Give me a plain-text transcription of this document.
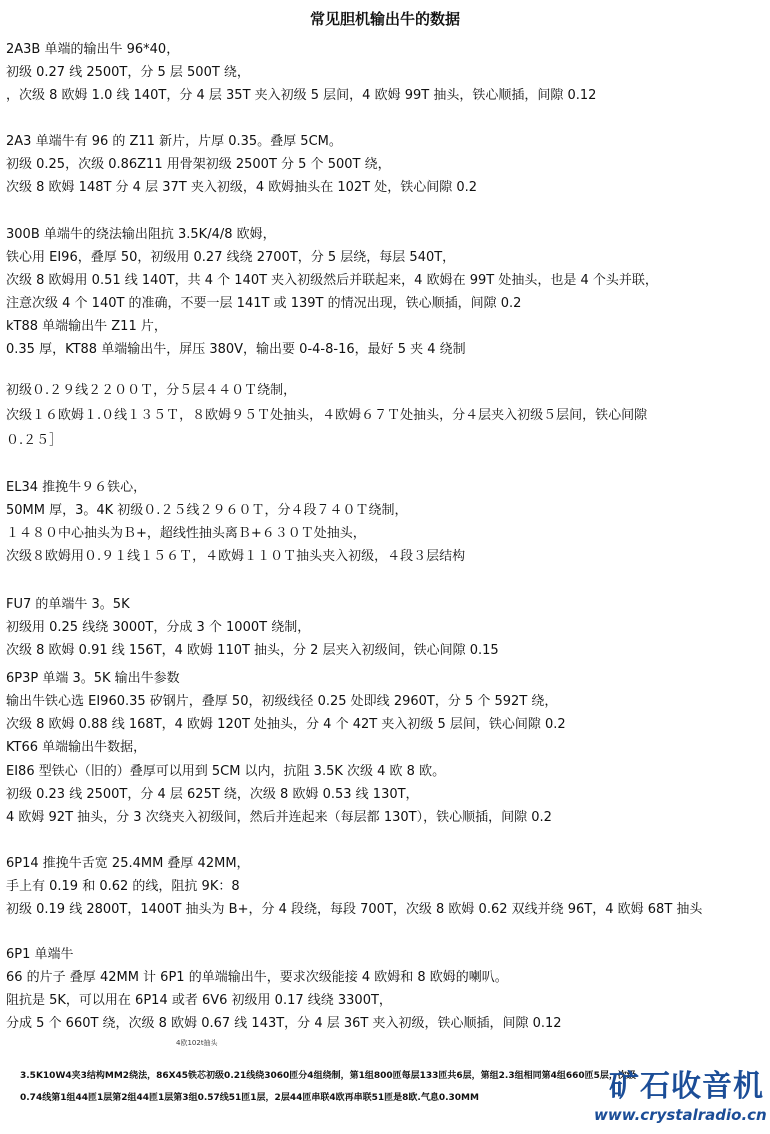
常见胆机输出牛的数据
2A3B 单端的输出牛 96*40，
初级 0.27 线 2500T，分 5 层 500T 绕，
，次级 8 欧姆 1.0 线 140T，分 4 层 35T 夹入初级 5 层间，4 欧姆 99T 抽头，铁心顺插，间隙 0.12
2A3 单端牛有 96 的 Z11 新片，片厚 0.35。叠厚 5CM。
初级 0.25，次级 0.86Z11 用骨架初级 2500T 分 5 个 500T 绕，
次级 8 欧姆 148T 分 4 层 37T 夹入初级，4 欧姆抽头在 102T 处，铁心间隙 0.2
300B 单端牛的绕法输出阻抗 3.5K/4/8 欧姆，
铁心用 EI96，叠厚 50，初级用 0.27 线绕 2700T，分 5 层绕，每层 540T，
次级 8 欧姆用 0.51 线 140T，共 4 个 140T 夹入初级然后并联起来，4 欧姆在 99T 处抽头，也是 4 个头并联，
注意次级 4 个 140T 的准确，不要一层 141T 或 139T 的情况出现，铁心顺插，间隙 0.2
kT88 单端输出牛 Z11 片，
0.35 厚，KT88 单端输出牛，屏压 380V，输出要 0-4-8-16，最好 5 夹 4 绕制
初级０.２９线２２００Ｔ，分５层４４０Ｔ绕制，
次级１６欧姆１.０线１３５Ｔ，８欧姆９５Ｔ处抽头，４欧姆６７Ｔ处抽头，分４层夹入初级５层间，铁心间隙
０.２５］
EL34 推挽牛９６铁心，
50MM 厚，3。4K 初级０.２５线２９６０Ｔ，分４段７４０Ｔ绕制，
１４８０中心抽头为Ｂ+，超线性抽头离Ｂ+６３０Ｔ处抽头，
次级８欧姆用０.９１线１５６Ｔ，４欧姆１１０Ｔ抽头夹入初级，４段３层结构
FU7 的单端牛 3。5K
初级用 0.25 线绕 3000T，分成 3 个 1000T 绕制，
次级 8 欧姆 0.91 线 156T，4 欧姆 110T 抽头，分 2 层夹入初级间，铁心间隙 0.15
6P3P 单端 3。5K 输出牛参数
输出牛铁心选 EI960.35 矽钢片，叠厚 50，初级线径 0.25 处即线 2960T，分 5 个 592T 绕，
次级 8 欧姆 0.88 线 168T，4 欧姆 120T 处抽头，分 4 个 42T 夹入初级 5 层间，铁心间隙 0.2
KT66 单端输出牛数据，
EI86 型铁心（旧的）叠厚可以用到 5CM 以内，抗阻 3.5K 次级 4 欧 8 欧。
初级 0.23 线 2500T，分 4 层 625T 绕，次级 8 欧姆 0.53 线 130T，
4 欧姆 92T 抽头，分 3 次绕夹入初级间，然后并连起来（每层都 130T），铁心顺插，间隙 0.2
6P14 推挽牛舌宽 25.4MM 叠厚 42MM，
手上有 0.19 和 0.62 的线，阻抗 9K：8
初级 0.19 线 2800T，1400T 抽头为 B+，分 4 段绕，每段 700T，次级 8 欧姆 0.62 双线并绕 96T，4 欧姆 68T 抽头
6P1 单端牛
66 的片子 叠厚 42MM 计 6P1 的单端输出牛，要求次级能接 4 欧姆和 8 欧姆的喇叭。
阻抗是 5K，可以用在 6P14 或者 6V6 初级用 0.17 线绕 3300T，
分成 5 个 660T 绕，次级 8 欧姆 0.67 线 143T，分 4 层 36T 夹入初级，铁心顺插，间隙 0.12
4欧102t抽头
3.5K10W4夹3结构MM2绕法，86X45铁芯初级0.21线绕3060匝分4组绕制，第1组800匝每层133匝共6层，第组2.3组相同第4组660匝5层，次级
0.74线第1组44匝1层第2组44匝1层第3组0.57线51匝1层，2层44匝串联4欧再串联51匝是8欧.气息0.30MM	矿石收音机
www.crystalradio.cn
